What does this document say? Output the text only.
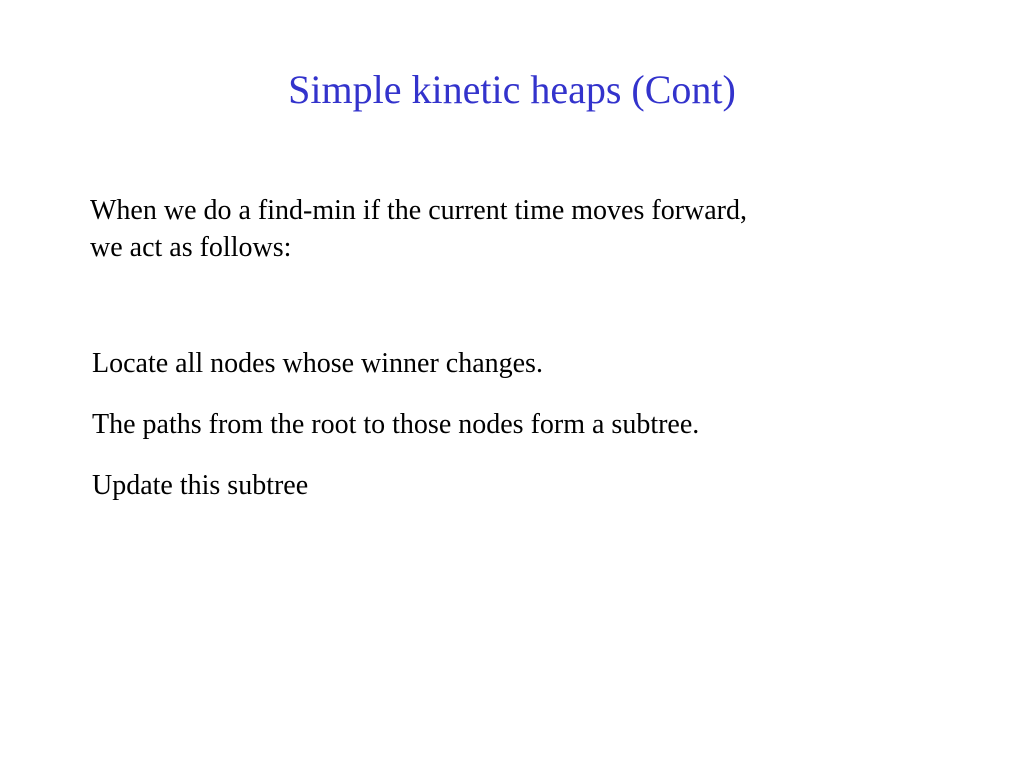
Simple kinetic heaps (Cont)
When we do a find-min if the current time moves forward,
we act as follows:
Locate all nodes whose winner changes.
The paths from the root to those nodes form a subtree.
Update this subtree
